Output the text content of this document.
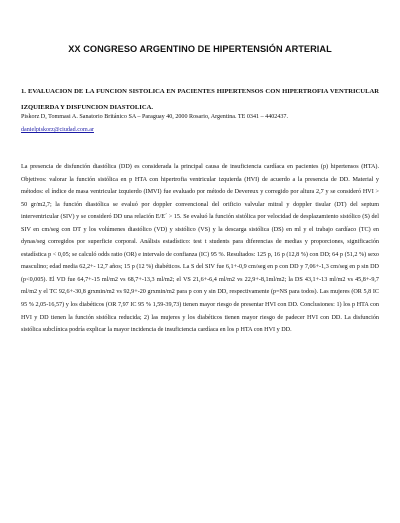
XX CONGRESO ARGENTINO DE HIPERTENSIÓN ARTERIAL
1. EVALUACION DE LA FUNCION SISTOLICA EN PACIENTES HIPERTENSOS CON HIPERTROFIA VENTRICULAR IZQUIERDA Y DISFUNCION DIASTOLICA.
Piskorz D, Tommasi A. Sanatorio Británico SA – Paraguay 40, 2000 Rosario, Argentina. TE 0341 – 4402437.
danielpiskorz@ciudad.com.ar
La presencia de disfunción diastólica (DD) es considerada la principal causa de insuficiencia cardíaca en pacientes (p) hipertensos (HTA). Objetivos: valorar la función sistólica en p HTA con hipertrofia ventricular izquierda (HVI) de acuerdo a la presencia de DD. Material y métodos: el índice de masa ventricular izquierdo (IMVI) fue evaluado por método de Devereux y corregido por altura 2,7 y se consideró HVI > 50 gr/m2,7; la función diastólica se evaluó por doppler convencional del orificio valvular mitral y doppler tisular (DT) del septum interventricular (SIV) y se consideró DD una relación E/E´ > 15. Se evaluó la función sistólica por velocidad de desplazamiento sistólico (S) del SIV en cm/seg con DT y los volúmenes diastólico (VD) y sistólico (VS) y la descarga sistólica (DS) en ml y el trabajo cardíaco (TC) en dynas/seg corregidos por superficie corporal. Análisis estadístico: test t students para diferencias de medias y proporciones, significación estadística p < 0,05; se calculó odds ratio (OR) e intervalo de confianza (IC) 95 %. Resultados: 125 p, 16 p (12,8 %) con DD; 64 p (51,2 %) sexo masculino; edad media 62,2+- 12,7 años; 15 p (12 %) diabéticos. La S del SIV fue 6,1+-0,9 cm/seg en p con DD y 7,06+-1,3 cm/seg en p sin DD (p<0,005). El VD fue 64,7+-15 ml/m2 vs 68,7+-13,3 ml/m2; el VS 21,6+-6,4 ml/m2 vs 22,9+-8,1ml/m2; la DS 43,1+-13 ml/m2 vs 45,8+-9,7 ml/m2 y el TC 92,6+-30,8 grxmin/m2 vs 92,9+-20 grxmin/m2 para p con y sin DD, respectivamente (p=NS para todos). Las mujeres (OR 5,8 IC 95 % 2,05-16,57) y los diabéticos (OR 7,97 IC 95 % 1,59-39,73) tienen mayor riesgo de presentar HVI con DD. Conclusiones: 1) los p HTA con HVI y DD tienen la función sistólica reducida; 2) las mujeres y los diabéticos tienen mayor riesgo de padecer HVI con DD. La disfunción sistólica subclínica podría explicar la mayor incidencia de insuficiencia cardíaca en los p HTA con HVI y DD.
